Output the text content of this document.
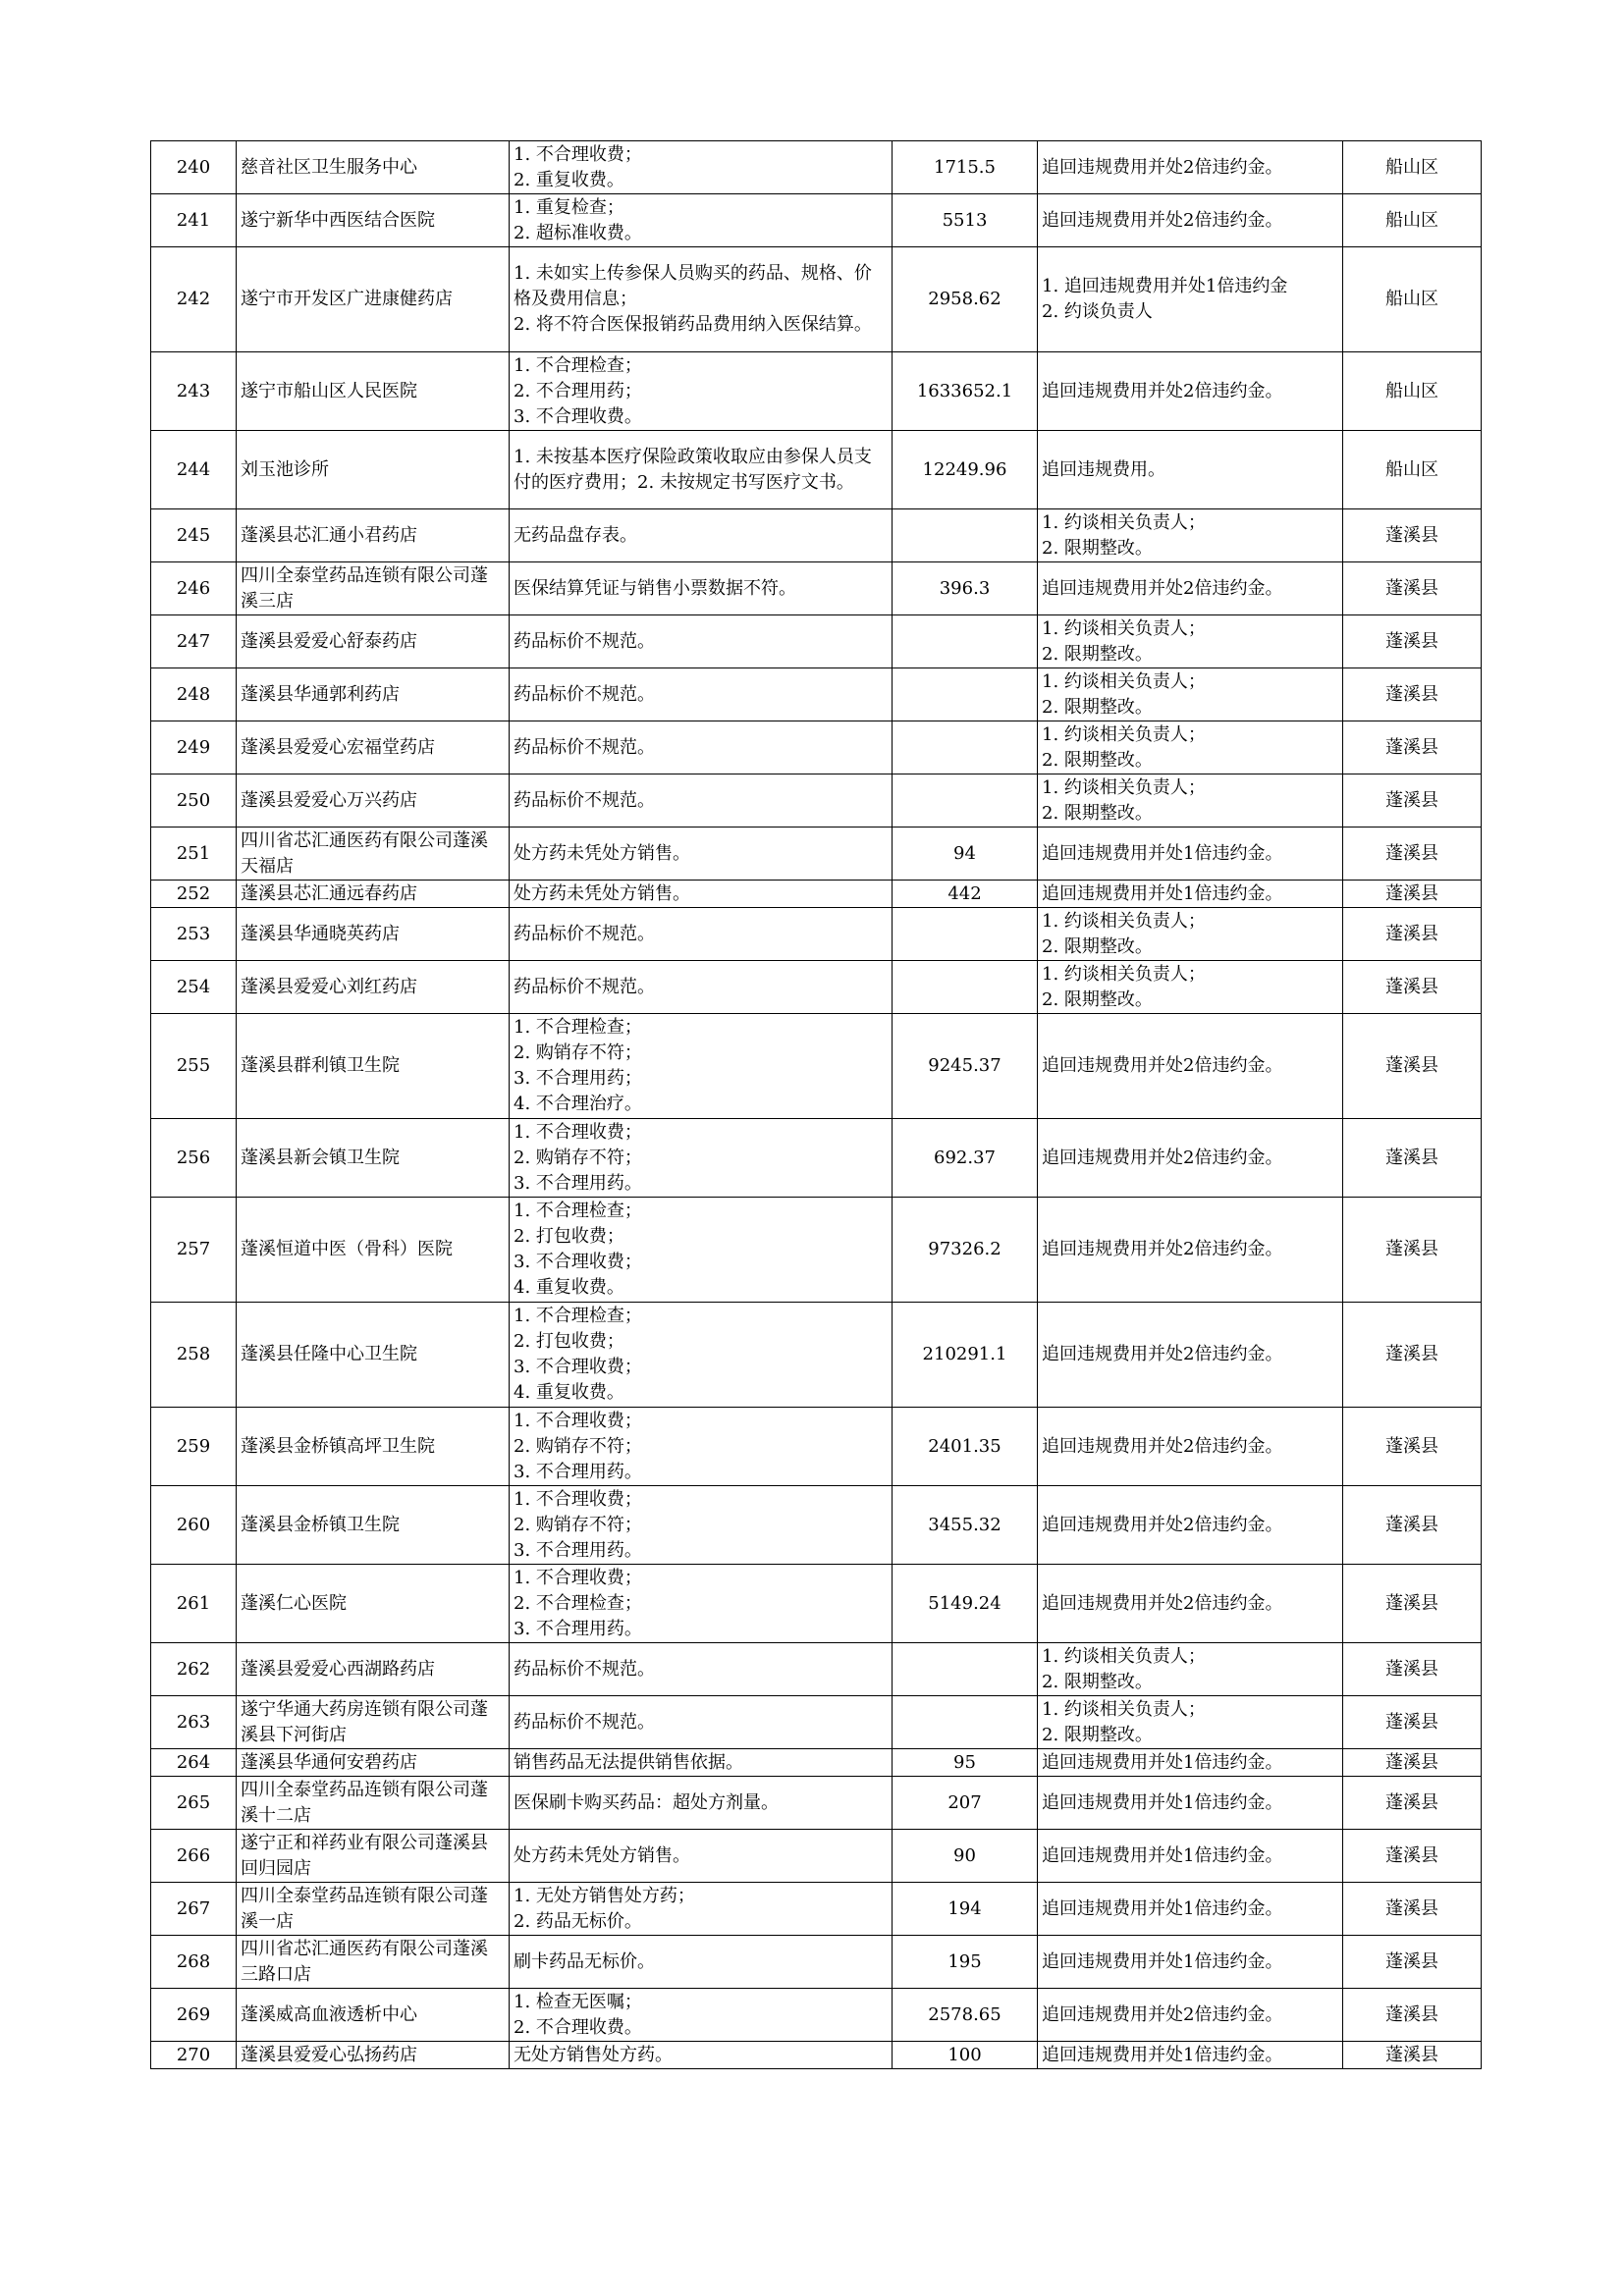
240	慈音社区卫生服务中心	1. 不合理收费；
2. 重复收费。	1715.5	追回违规费用并处2倍违约金。	船山区
241	遂宁新华中西医结合医院	1. 重复检查；
2. 超标准收费。	5513	追回违规费用并处2倍违约金。	船山区
242	遂宁市开发区广进康健药店	1. 未如实上传参保人员购买的药品、规格、价格及费用信息；
2. 将不符合医保报销药品费用纳入医保结算。	2958.62	1. 追回违规费用并处1倍违约金
2. 约谈负责人	船山区
243	遂宁市船山区人民医院	1. 不合理检查；
2. 不合理用药；
3. 不合理收费。	1633652.1	追回违规费用并处2倍违约金。	船山区
244	刘玉池诊所	1. 未按基本医疗保险政策收取应由参保人员支付的医疗费用；2. 未按规定书写医疗文书。	12249.96	追回违规费用。	船山区
245	蓬溪县芯汇通小君药店	无药品盘存表。		1. 约谈相关负责人；
2. 限期整改。	蓬溪县
246	四川全泰堂药品连锁有限公司蓬溪三店	医保结算凭证与销售小票数据不符。	396.3	追回违规费用并处2倍违约金。	蓬溪县
247	蓬溪县爱爱心舒泰药店	药品标价不规范。		1. 约谈相关负责人；
2. 限期整改。	蓬溪县
248	蓬溪县华通郭利药店	药品标价不规范。		1. 约谈相关负责人；
2. 限期整改。	蓬溪县
249	蓬溪县爱爱心宏福堂药店	药品标价不规范。		1. 约谈相关负责人；
2. 限期整改。	蓬溪县
250	蓬溪县爱爱心万兴药店	药品标价不规范。		1. 约谈相关负责人；
2. 限期整改。	蓬溪县
251	四川省芯汇通医药有限公司蓬溪天福店	处方药未凭处方销售。	94	追回违规费用并处1倍违约金。	蓬溪县
252	蓬溪县芯汇通远春药店	处方药未凭处方销售。	442	追回违规费用并处1倍违约金。	蓬溪县
253	蓬溪县华通晓英药店	药品标价不规范。		1. 约谈相关负责人；
2. 限期整改。	蓬溪县
254	蓬溪县爱爱心刘红药店	药品标价不规范。		1. 约谈相关负责人；
2. 限期整改。	蓬溪县
255	蓬溪县群利镇卫生院	1. 不合理检查；
2. 购销存不符；
3. 不合理用药；
4. 不合理治疗。	9245.37	追回违规费用并处2倍违约金。	蓬溪县
256	蓬溪县新会镇卫生院	1. 不合理收费；
2. 购销存不符；
3. 不合理用药。	692.37	追回违规费用并处2倍违约金。	蓬溪县
257	蓬溪恒道中医（骨科）医院	1. 不合理检查；
2. 打包收费；
3. 不合理收费；
4. 重复收费。	97326.2	追回违规费用并处2倍违约金。	蓬溪县
258	蓬溪县任隆中心卫生院	1. 不合理检查；
2. 打包收费；
3. 不合理收费；
4. 重复收费。	210291.1	追回违规费用并处2倍违约金。	蓬溪县
259	蓬溪县金桥镇高坪卫生院	1. 不合理收费；
2. 购销存不符；
3. 不合理用药。	2401.35	追回违规费用并处2倍违约金。	蓬溪县
260	蓬溪县金桥镇卫生院	1. 不合理收费；
2. 购销存不符；
3. 不合理用药。	3455.32	追回违规费用并处2倍违约金。	蓬溪县
261	蓬溪仁心医院	1. 不合理收费；
2. 不合理检查；
3. 不合理用药。	5149.24	追回违规费用并处2倍违约金。	蓬溪县
262	蓬溪县爱爱心西湖路药店	药品标价不规范。		1. 约谈相关负责人；
2. 限期整改。	蓬溪县
263	遂宁华通大药房连锁有限公司蓬溪县下河街店	药品标价不规范。		1. 约谈相关负责人；
2. 限期整改。	蓬溪县
264	蓬溪县华通何安碧药店	销售药品无法提供销售依据。	95	追回违规费用并处1倍违约金。	蓬溪县
265	四川全泰堂药品连锁有限公司蓬溪十二店	医保刷卡购买药品：超处方剂量。	207	追回违规费用并处1倍违约金。	蓬溪县
266	遂宁正和祥药业有限公司蓬溪县回归园店	处方药未凭处方销售。	90	追回违规费用并处1倍违约金。	蓬溪县
267	四川全泰堂药品连锁有限公司蓬溪一店	1. 无处方销售处方药；
2. 药品无标价。	194	追回违规费用并处1倍违约金。	蓬溪县
268	四川省芯汇通医药有限公司蓬溪三路口店	刷卡药品无标价。	195	追回违规费用并处1倍违约金。	蓬溪县
269	蓬溪威高血液透析中心	1. 检查无医嘱；
2. 不合理收费。	2578.65	追回违规费用并处2倍违约金。	蓬溪县
270	蓬溪县爱爱心弘扬药店	无处方销售处方药。	100	追回违规费用并处1倍违约金。	蓬溪县
